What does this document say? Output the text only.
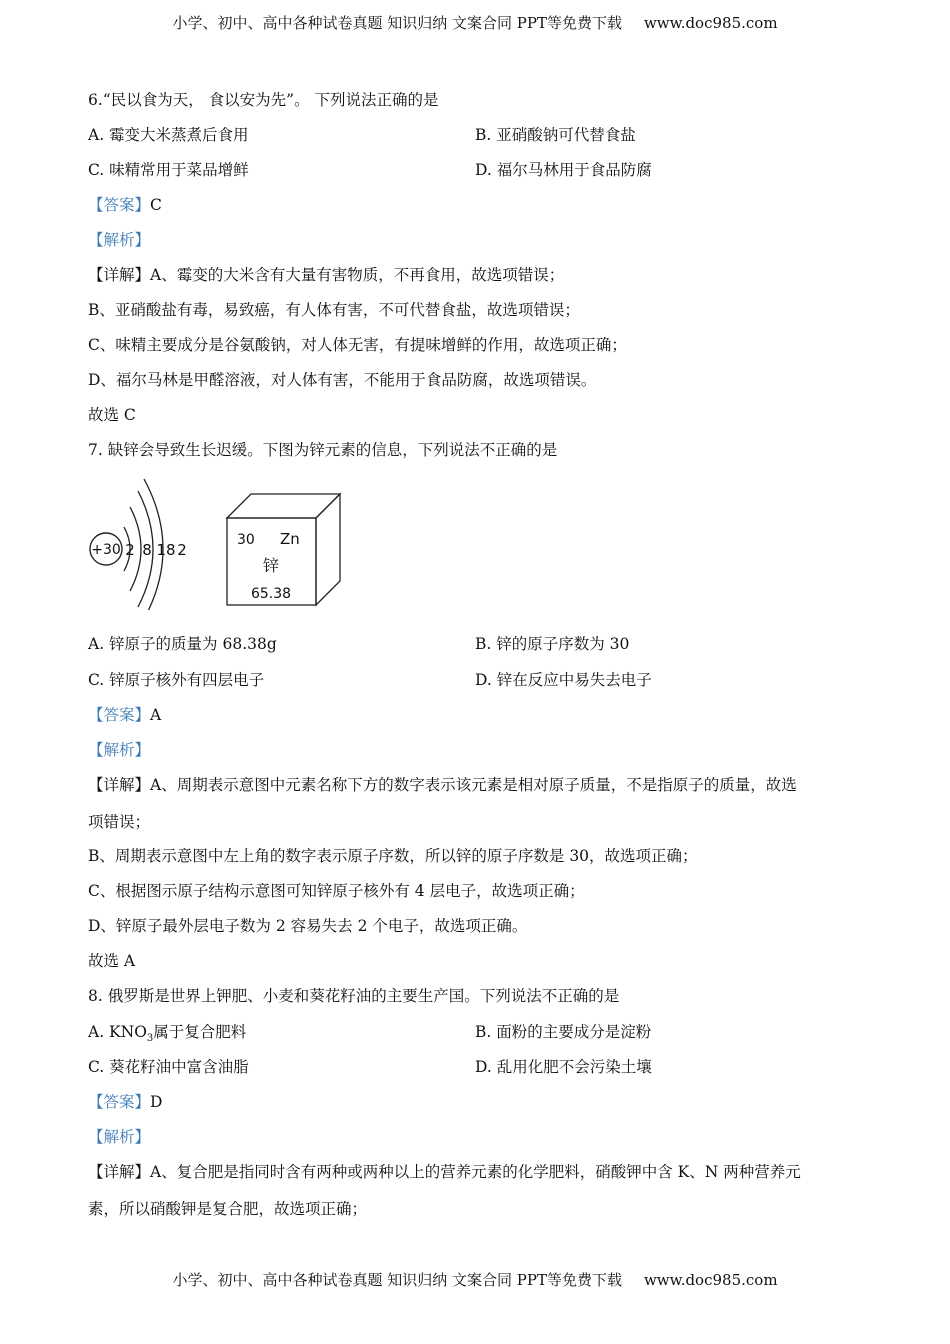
小学、初中、高中各种试卷真题 知识归纳 文案合同 PPT等免费下载 www.doc985.com
6.“民以食为天， 食以安为先”。 下列说法正确的是
A. 霉变大米蒸煮后食用	B. 亚硝酸钠可代替食盐
C. 味精常用于菜品增鲜	D. 福尔马林用于食品防腐
【答案】C
【解析】
【详解】A、霉变的大米含有大量有害物质，不再食用，故选项错误；
B、亚硝酸盐有毒，易致癌，有人体有害，不可代替食盐，故选项错误；
C、味精主要成分是谷氨酸钠，对人体无害，有提味增鲜的作用，故选项正确；
D、福尔马林是甲醛溶液，对人体有害，不能用于食品防腐，故选项错误。
故选 C
7. 缺锌会导致生长迟缓。下图为锌元素的信息，下列说法不正确的是
+30 2 8 18 2
30 Zn
锌
65.38
A. 锌原子的质量为 68.38g	B. 锌的原子序数为 30
C. 锌原子核外有四层电子	D. 锌在反应中易失去电子
【答案】A
【解析】
【详解】A、周期表示意图中元素名称下方的数字表示该元素是相对原子质量，不是指原子的质量，故选
项错误；
B、周期表示意图中左上角的数字表示原子序数，所以锌的原子序数是 30，故选项正确；
C、根据图示原子结构示意图可知锌原子核外有 4 层电子，故选项正确；
D、锌原子最外层电子数为 2 容易失去 2 个电子，故选项正确。
故选 A
8. 俄罗斯是世界上钾肥、小麦和葵花籽油的主要生产国。下列说法不正确的是
A. $KNO_3$属于复合肥料	B. 面粉的主要成分是淀粉
C. 葵花籽油中富含油脂	D. 乱用化肥不会污染土壤
【答案】D
【解析】
【详解】A、复合肥是指同时含有两种或两种以上的营养元素的化学肥料，硝酸钾中含 K、N 两种营养元
素，所以硝酸钾是复合肥，故选项正确；
小学、初中、高中各种试卷真题 知识归纳 文案合同 PPT等免费下载 www.doc985.com
